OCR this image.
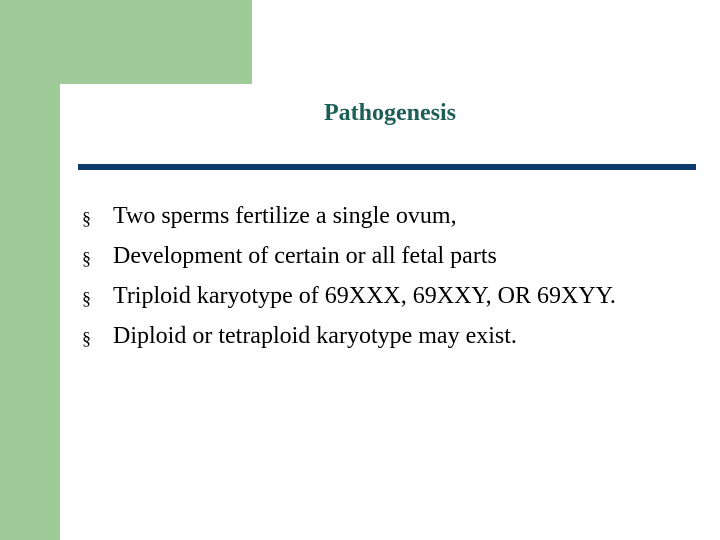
Pathogenesis
§ Two sperms fertilize a single ovum,
§ Development of certain or all fetal parts
§ Triploid karyotype of 69XXX, 69XXY, OR 69XYY.
§ Diploid or tetraploid karyotype may exist.
